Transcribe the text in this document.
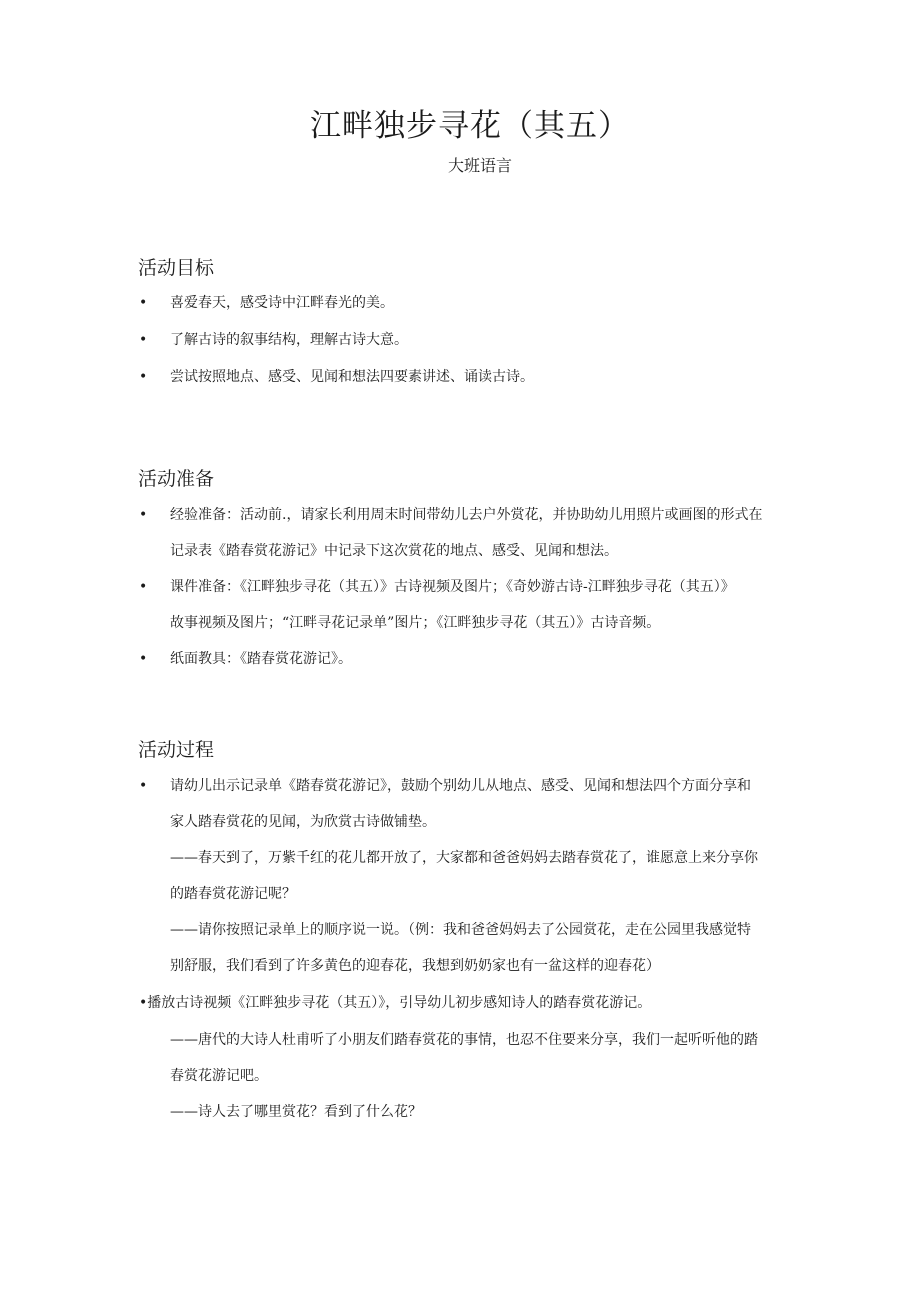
江畔独步寻花（其五）
大班语言
活动目标
• 喜爱春天，感受诗中江畔春光的美。

• 了解古诗的叙事结构，理解古诗大意。

• 尝试按照地点、感受、见闻和想法四要素讲述、诵读古诗。

活动准备
• 经验准备：活动前.，请家长利用周末时间带幼儿去户外赏花，并协助幼儿用照片或画图的形式在

记录表《踏春赏花游记》中记录下这次赏花的地点、感受、见闻和想法。

• 课件准备：《江畔独步寻花（其五）》古诗视频及图片；《奇妙游古诗-江畔独步寻花（其五）》

故事视频及图片；“江畔寻花记录单”图片；《江畔独步寻花（其五）》古诗音频。

• 纸面教具：《踏春赏花游记》。

活动过程
• 请幼儿出示记录单《踏春赏花游记》，鼓励个别幼儿从地点、感受、见闻和想法四个方面分享和

家人踏春赏花的见闻，为欣赏古诗做铺垫。

——春天到了，万紫千红的花儿都开放了，大家都和爸爸妈妈去踏春赏花了，谁愿意上来分享你

的踏春赏花游记呢？

——请你按照记录单上的顺序说一说。（例：我和爸爸妈妈去了公园赏花，走在公园里我感觉特

别舒服，我们看到了许多黄色的迎春花，我想到奶奶家也有一盆这样的迎春花）

•播放古诗视频《江畔独步寻花（其五）》，引导幼儿初步感知诗人的踏春赏花游记。

——唐代的大诗人杜甫听了小朋友们踏春赏花的事情，也忍不住要来分享，我们一起听听他的踏

春赏花游记吧。

——诗人去了哪里赏花？看到了什么花？
